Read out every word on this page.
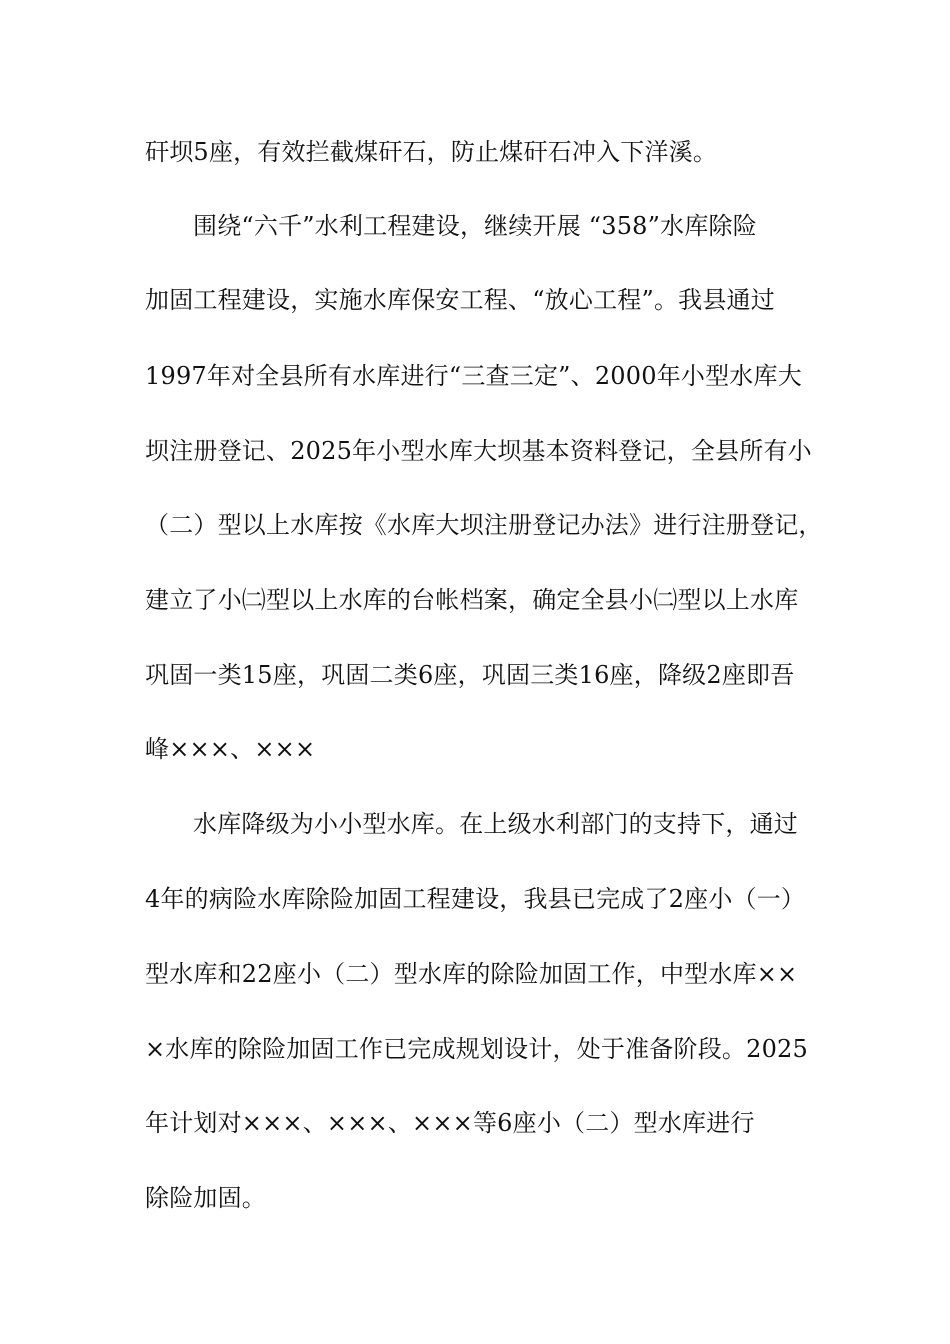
矸坝5座，有效拦截煤矸石，防止煤矸石冲入下洋溪。
围绕“六千”水利工程建设，继续开展 “358”水库除险
加固工程建设，实施水库保安工程、“放心工程”。我县通过
1997年对全县所有水库进行“三查三定”、2000年小型水库大
坝注册登记、2025年小型水库大坝基本资料登记，全县所有小
（二）型以上水库按《水库大坝注册登记办法》进行注册登记，
建立了小㈡型以上水库的台帐档案，确定全县小㈡型以上水库
巩固一类15座，巩固二类6座，巩固三类16座，降级2座即吾
峰×××、×××
水库降级为小小型水库。在上级水利部门的支持下，通过
4年的病险水库除险加固工程建设，我县已完成了2座小（一）
型水库和22座小（二）型水库的除险加固工作，中型水库××
×水库的除险加固工作已完成规划设计，处于准备阶段。2025
年计划对×××、×××、×××等6座小（二）型水库进行
除险加固。
